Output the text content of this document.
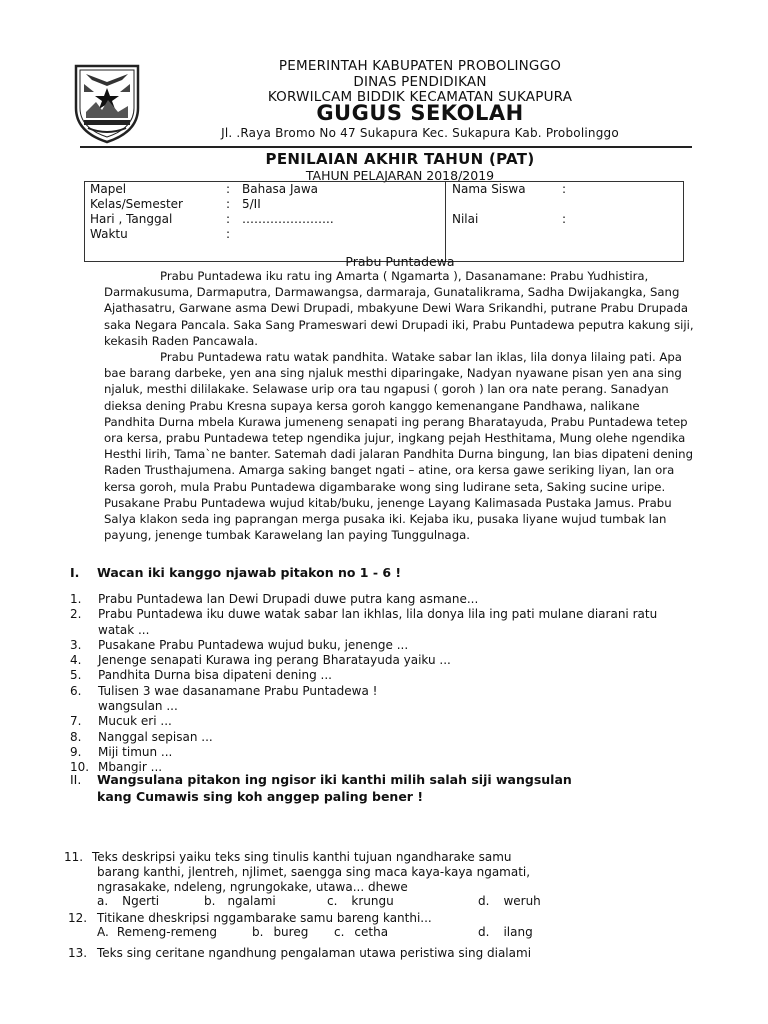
PEMERINTAH KABUPATEN PROBOLINGGO
DINAS PENDIDIKAN
KORWILCAM BIDDIK KECAMATAN SUKAPURA
GUGUS SEKOLAH
Jl. .Raya Bromo No 47 Sukapura Kec. Sukapura Kab. Probolinggo
PENILAIAN AKHIR TAHUN (PAT)
TAHUN PELAJARAN 2018/2019
Mapel	: Bahasa Jawa
Kelas/Semester	: 5/II
Hari , Tanggal	: …………………..
Waktu	:
Nama Siswa	:
Nilai	:
Prabu Puntadewa

Prabu Puntadewa iku ratu ing Amarta ( Ngamarta ), Dasanamane: Prabu Yudhistira, Darmakusuma, Darmaputra, Darmawangsa, darmaraja, Gunatalikrama, Sadha Dwijakangka, Sang Ajathasatru, Garwane asma Dewi Drupadi, mbakyune Dewi Wara Srikandhi, putrane Prabu Drupada saka Negara Pancala. Saka Sang Prameswari dewi Drupadi iki, Prabu Puntadewa peputra kakung siji, kekasih Raden Pancawala.

Prabu Puntadewa ratu watak pandhita. Watake sabar lan iklas, lila donya lilaing pati. Apa bae barang darbeke, yen ana sing njaluk mesthi diparingake, Nadyan nyawane pisan yen ana sing njaluk, mesthi dililakake. Selawase urip ora tau ngapusi ( goroh ) lan ora nate perang. Sanadyan dieksa dening Prabu Kresna supaya kersa goroh kanggo kemenangane Pandhawa, nalikane Pandhita Durna mbela Kurawa jumeneng senapati ing perang Bharatayuda, Prabu Puntadewa tetep ora kersa, prabu Puntadewa tetep ngendika jujur, ingkang pejah Hesthitama, Mung olehe ngendika Hesthi lirih, Tama`ne banter. Satemah dadi jalaran Pandhita Durna bingung, lan bias dipateni dening Raden Trusthajumena. Amarga saking banget ngati – atine, ora kersa gawe seriking liyan, lan ora kersa goroh, mula Prabu Puntadewa digambarake wong sing ludirane seta, Saking sucine uripe. Pusakane Prabu Puntadewa wujud kitab/buku, jenenge Layang Kalimasada Pustaka Jamus. Prabu Salya klakon seda ing paprangan merga pusaka iki. Kejaba iku, pusaka liyane wujud tumbak lan payung, jenenge tumbak Karawelang lan paying Tunggulnaga.

I. Wacan iki kanggo njawab pitakon no 1 - 6 !
1. Prabu Puntadewa lan Dewi Drupadi duwe putra kang asmane...
2. Prabu Puntadewa iku duwe watak sabar lan ikhlas, lila donya lila ing pati mulane diarani ratu
watak ...
3. Pusakane Prabu Puntadewa wujud buku, jenenge ...
4. Jenenge senapati Kurawa ing perang Bharatayuda yaiku ...
5. Pandhita Durna bisa dipateni dening ...
6. Tulisen 3 wae dasanamane Prabu Puntadewa !
wangsulan ...
7. Mucuk eri ...
8. Nanggal sepisan ...
9. Miji timun ...
10. Mbangir ...
II. Wangsulana pitakon ing ngisor iki kanthi milih salah siji wangsulan
kang Cumawis sing koh anggep paling bener !
11. Teks deskripsi yaiku teks sing tinulis kanthi tujuan ngandharake samu
barang kanthi, jlentreh, njlimet, saengga sing maca kaya-kaya ngamati,
ngrasakake, ndeleng, ngrungokake, utawa... dhewe
a. Ngerti	b. ngalami	c. krungu	d. weruh
12. Titikane dheskripsi nggambarake samu bareng kanthi...
A. Remeng-remeng	b. bureg c. cetha	d. ilang
13. Teks sing ceritane ngandhung pengalaman utawa peristiwa sing dialami
